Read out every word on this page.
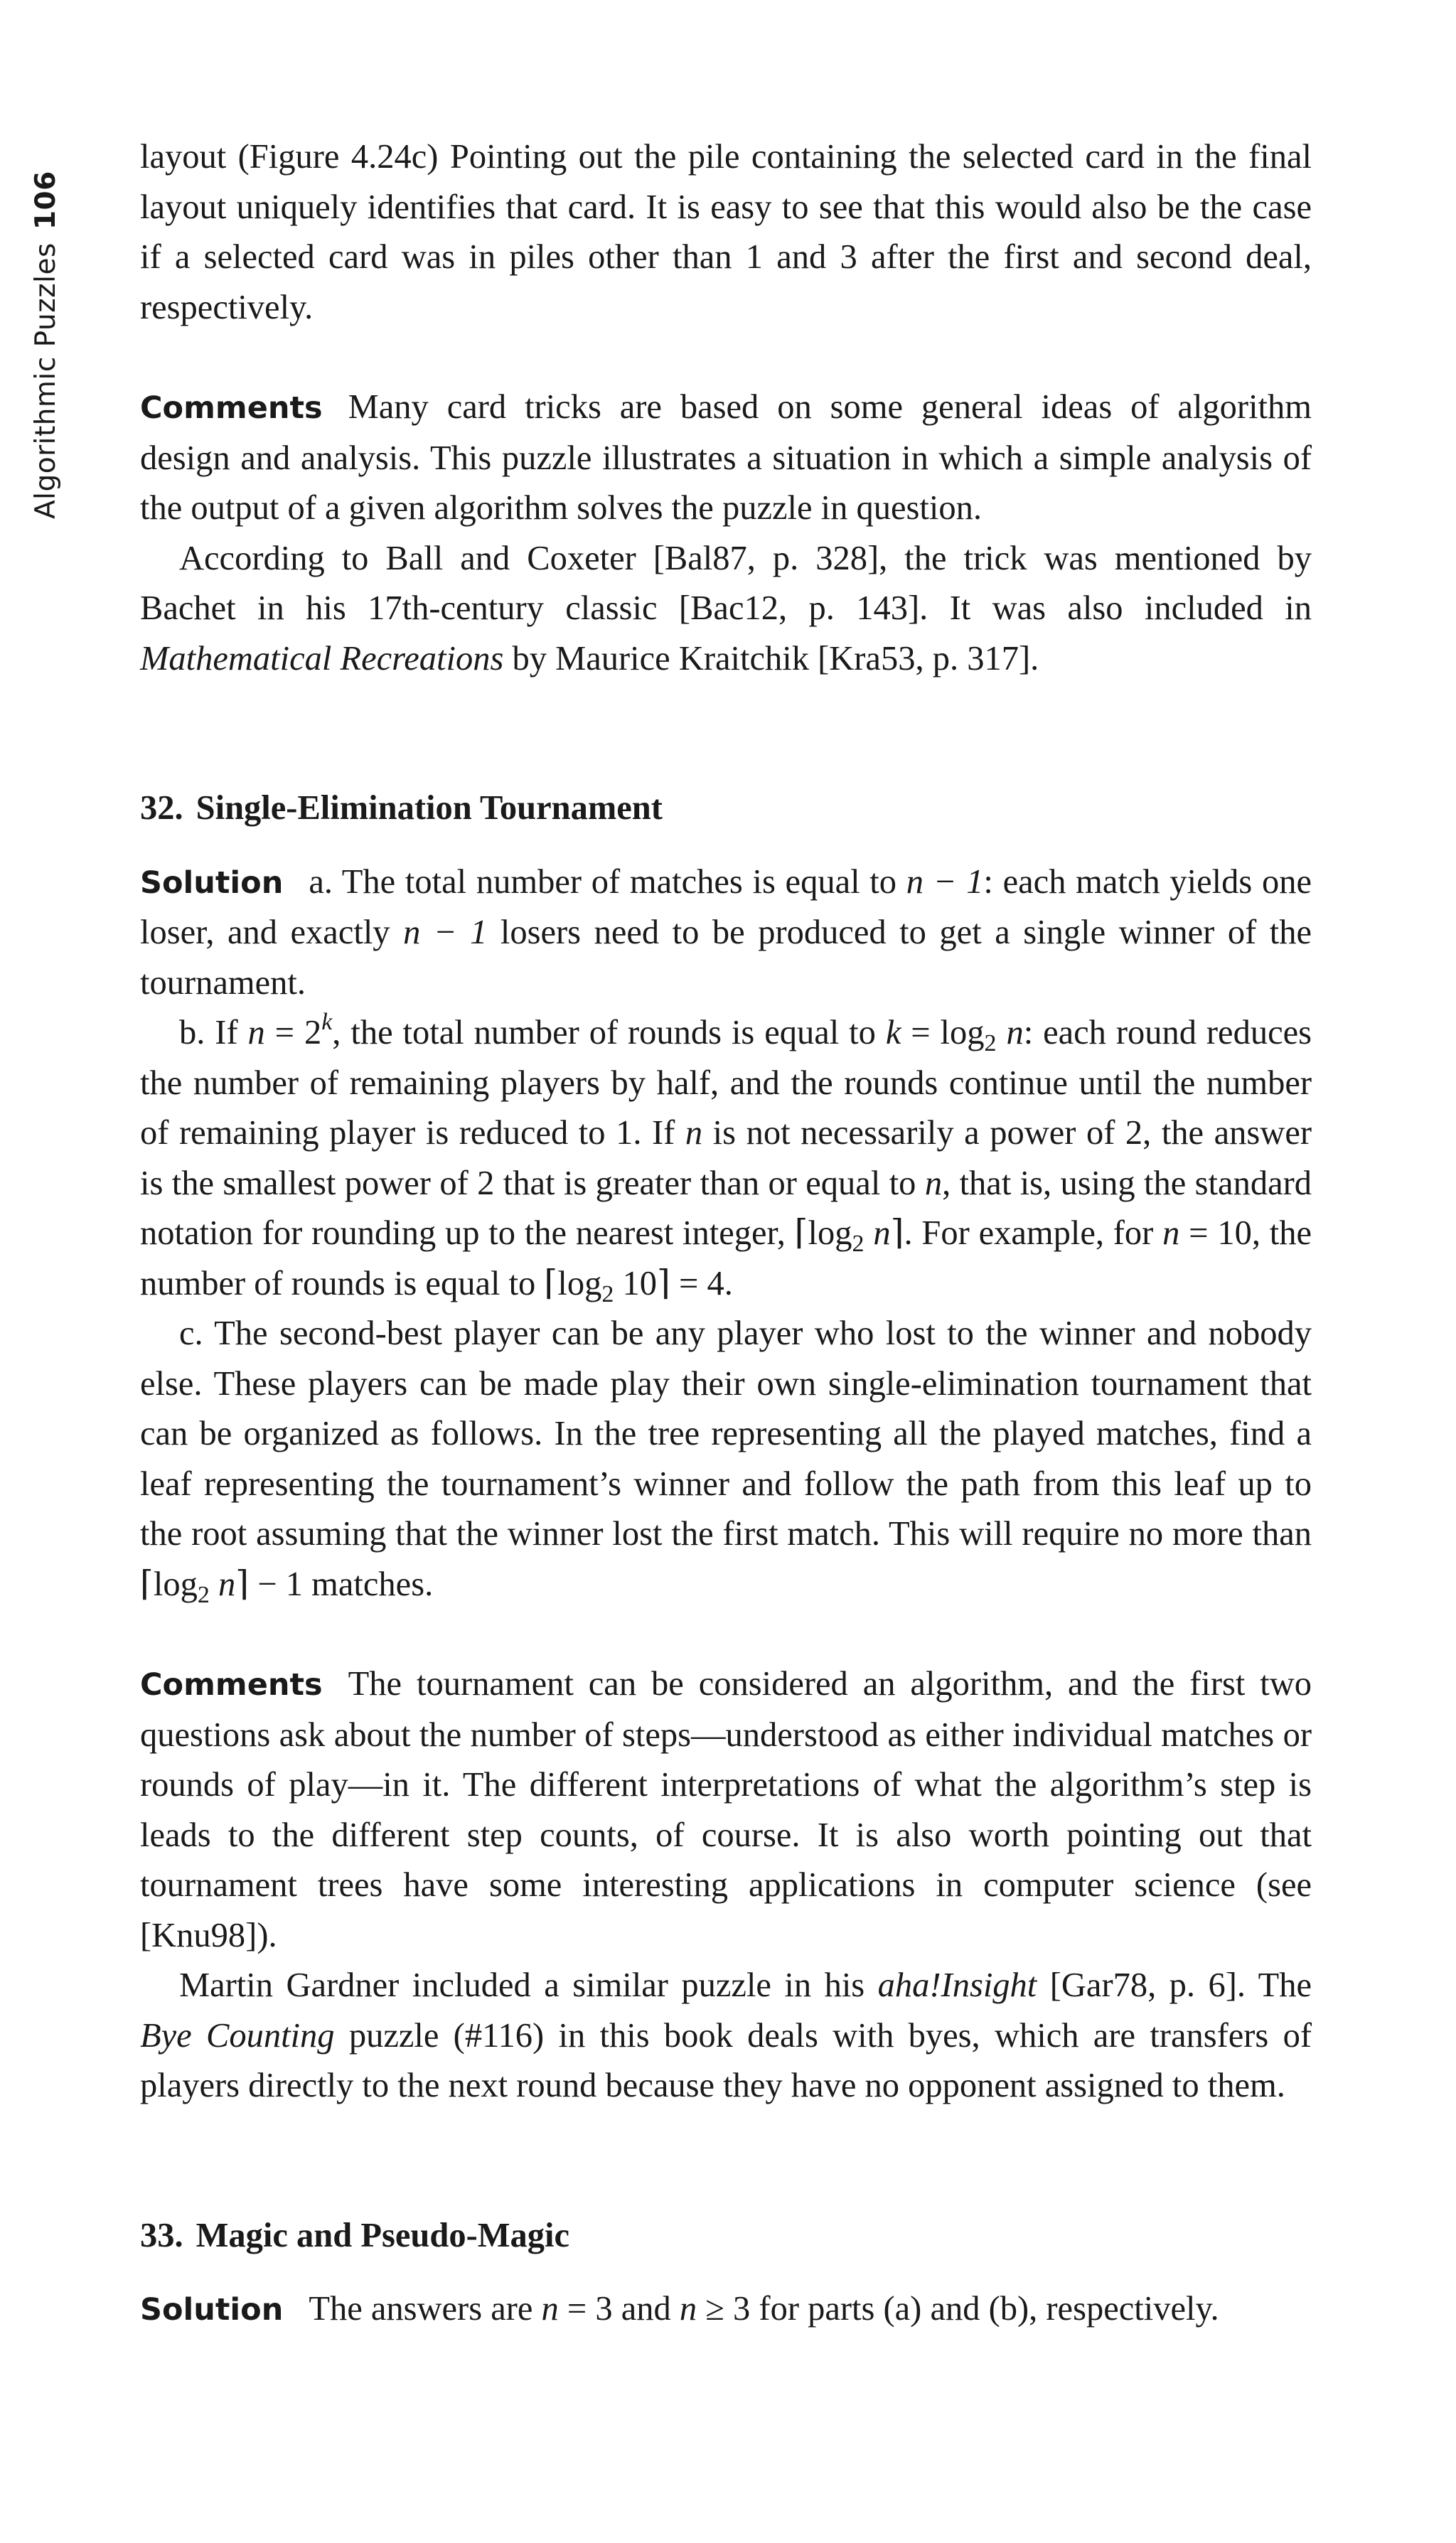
Algorithmic Puzzles106

layout (Figure 4.24c) Pointing out the pile containing the selected card in the final layout uniquely identifies that card. It is easy to see that this would also be the case if a selected card was in piles other than 1 and 3 after the first and second deal, respectively.

Comments Many card tricks are based on some general ideas of algorithm design and analysis. This puzzle illustrates a situation in which a simple analysis of the output of a given algorithm solves the puzzle in question.

According to Ball and Coxeter [Bal87, p. 328], the trick was mentioned by Bachet in his 17th-century classic [Bac12, p. 143]. It was also included in Mathematical Recreations by Maurice Kraitchik [Kra53, p. 317].

32. Single-Elimination Tournament

Solution a. The total number of matches is equal to n − 1: each match yields one loser, and exactly n − 1 losers need to be produced to get a single winner of the tournament.

b. If $n = 2^k$, the total number of rounds is equal to $k = \log_2 n$: each round reduces the number of remaining players by half, and the rounds continue until the number of remaining player is reduced to 1. If n is not necessarily a power of 2, the answer is the smallest power of 2 that is greater than or equal to n, that is, using the standard notation for rounding up to the nearest integer, $⌈\log_2$ n⌉. For example, for n = 10, the number of rounds is equal to $⌈\log_2$ 10⌉ = 4.

c. The second-best player can be any player who lost to the winner and nobody else. These players can be made play their own single-elimination tournament that can be organized as follows. In the tree representing all the played matches, find a leaf representing the tournament’s winner and follow the path from this leaf up to the root assuming that the winner lost the first match. This will require no more than $⌈\log_2$ n⌉ − 1 matches.

Comments The tournament can be considered an algorithm, and the first two questions ask about the number of steps—understood as either individual matches or rounds of play—in it. The different interpretations of what the algorithm’s step is leads to the different step counts, of course. It is also worth pointing out that tournament trees have some interesting applications in computer science (see [Knu98]).

Martin Gardner included a similar puzzle in his aha!Insight [Gar78, p. 6]. The Bye Counting puzzle (#116) in this book deals with byes, which are transfers of players directly to the next round because they have no opponent assigned to them.

33. Magic and Pseudo-Magic

Solution The answers are n = 3 and n ≥ 3 for parts (a) and (b), respectively.
